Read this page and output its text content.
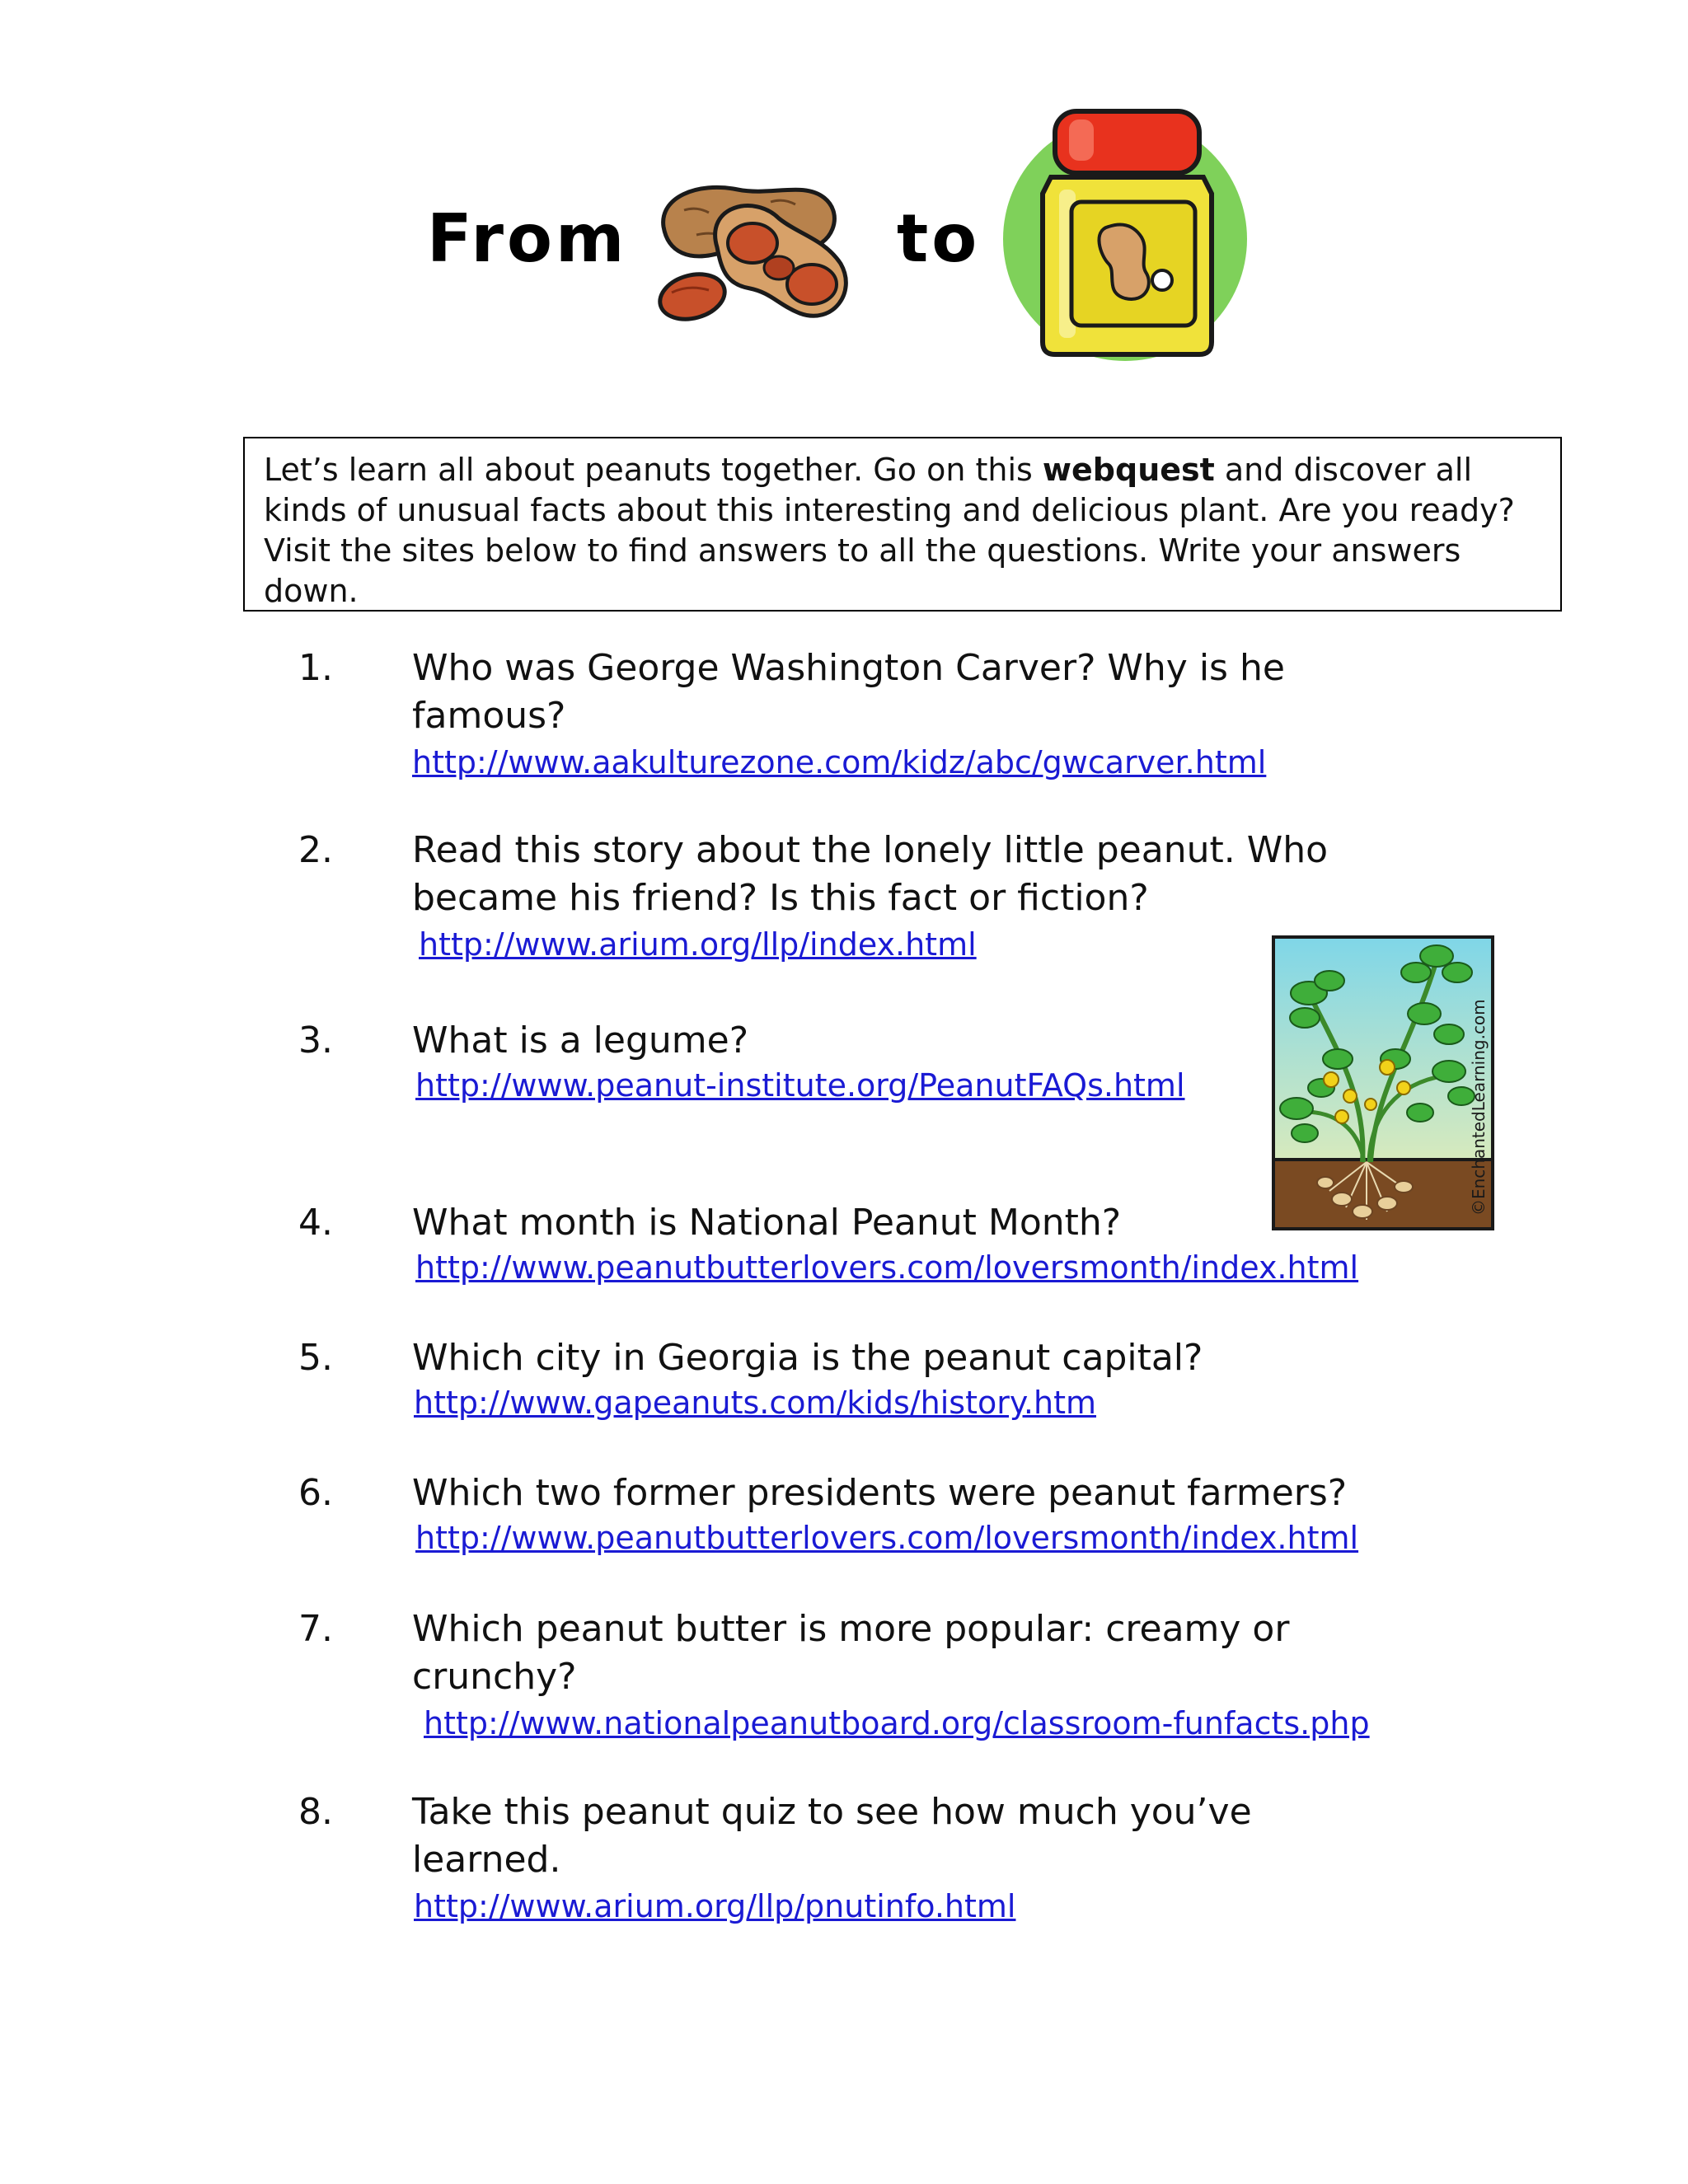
From	to
Let’s learn all about peanuts together. Go on this webquest and discover all kinds of unusual facts about this interesting and delicious plant. Are you ready? Visit the sites below to find answers to all the questions. Write your answers down.
1. Who was George Washington Carver? Why is he famous?
http://www.aakulturezone.com/kidz/abc/gwcarver.html
2. Read this story about the lonely little peanut. Who became his friend? Is this fact or fiction?
http://www.arium.org/llp/index.html
3. What is a legume?
http://www.peanut-institute.org/PeanutFAQs.html
4. What month is National Peanut Month?
http://www.peanutbutterlovers.com/loversmonth/index.html
5. Which city in Georgia is the peanut capital?
http://www.gapeanuts.com/kids/history.htm
6. Which two former presidents were peanut farmers?
http://www.peanutbutterlovers.com/loversmonth/index.html
7. Which peanut butter is more popular: creamy or crunchy?
http://www.nationalpeanutboard.org/classroom-funfacts.php
8. Take this peanut quiz to see how much you’ve learned.
http://www.arium.org/llp/pnutinfo.html
©EnchantedLearning.com
